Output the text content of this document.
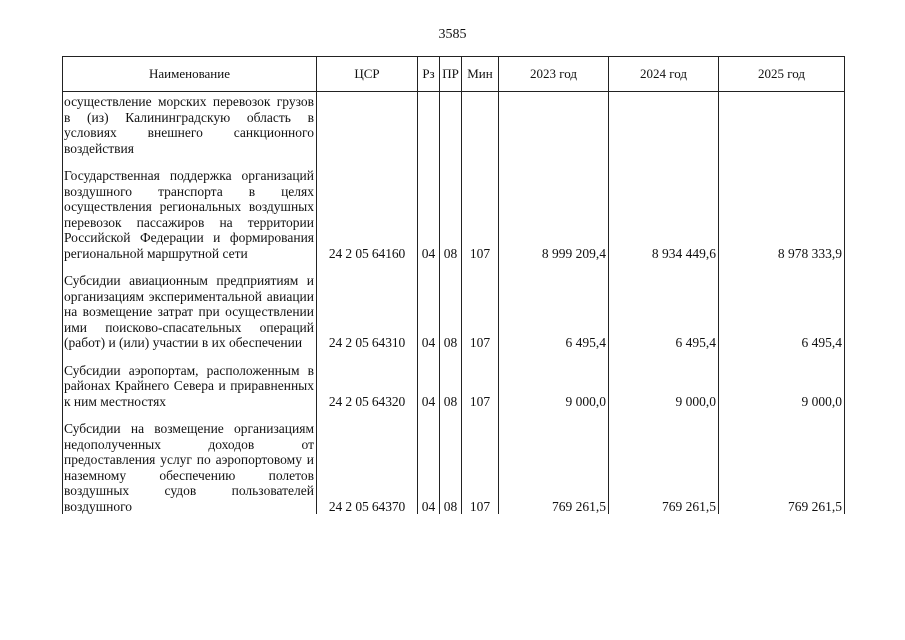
3585
Наименование	ЦСР	Рз	ПР	Мин	2023 год	2024 год	2025 год
осуществление морских перевозок грузов в (из) Калининградскую область в условиях внешнего санкционного воздействия							

Государственная поддержка организаций воздушного транспорта в целях осуществления региональных воздушных перевозок пассажиров на территории Российской Федерации и формирования региональной маршрутной сети	24 2 05 64160	04	08	107	8 999 209,4	8 934 449,6	8 978 333,9

Субсидии авиационным предприятиям и организациям экспериментальной авиации на возмещение затрат при осуществлении ими поисково-спасательных операций (работ) и (или) участии в их обеспечении	24 2 05 64310	04	08	107	6 495,4	6 495,4	6 495,4

Субсидии аэропортам, расположенным в районах Крайнего Севера и приравненных к ним местностях	24 2 05 64320	04	08	107	9 000,0	9 000,0	9 000,0

Субсидии на возмещение организациям недополученных доходов от предоставления услуг по аэропортовому и наземному обеспечению полетов воздушных судов пользователей воздушного	24 2 05 64370	04	08	107	769 261,5	769 261,5	769 261,5
